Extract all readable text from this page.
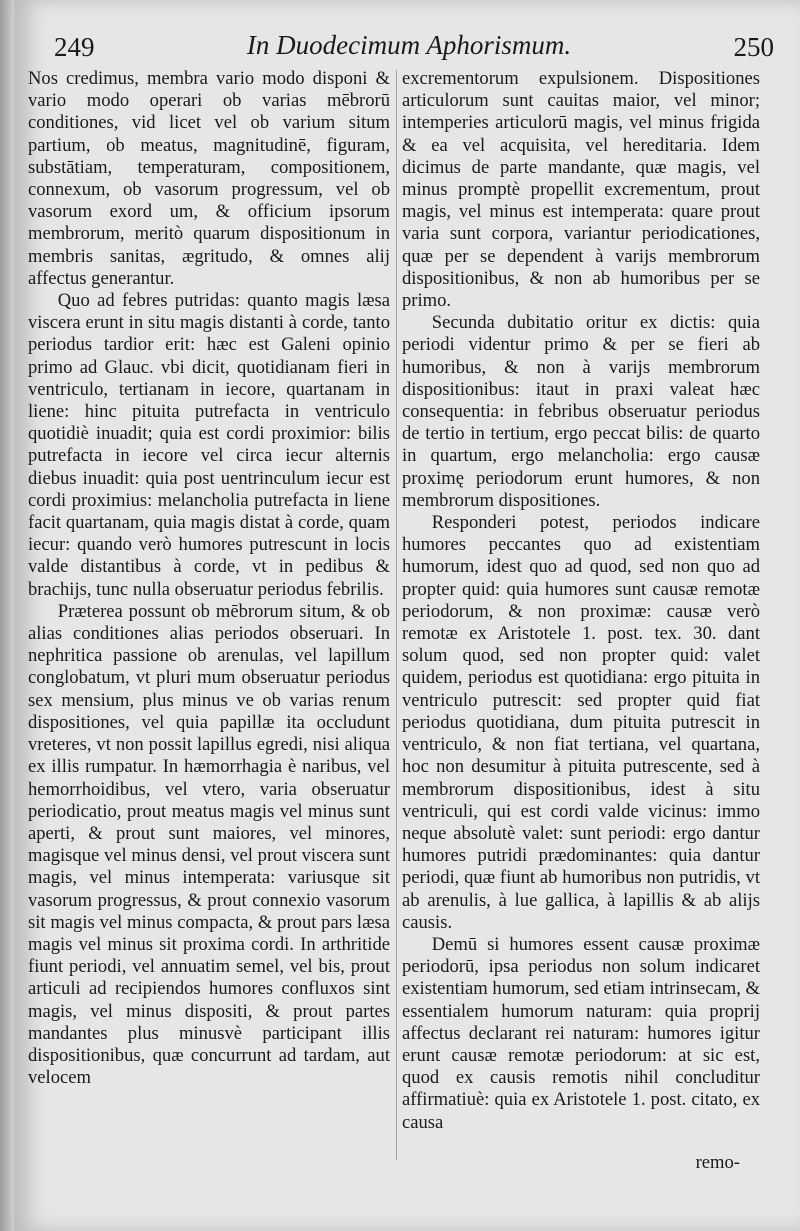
249	In Duodecimum Aphorismum.	250

Nos credimus, membra vario modo disponi & vario modo operari ob varias mēbrorū conditiones, vid licet vel ob varium situm partium, ob meatus, magnitudinē, figuram, substātiam, temperaturam, compositionem, connexum, ob vasorum progressum, vel ob vasorum exord um, & officium ipsorum membrorum, meritò quarum dispositionum in membris sanitas, ægritudo, & omnes alij affectus generantur.

Quo ad febres putridas: quanto magis læsa viscera erunt in situ magis distanti à corde, tanto periodus tardior erit: hæc est Galeni opinio primo ad Glauc. vbi dicit, quotidianam fieri in ventriculo, tertianam in iecore, quartanam in liene: hinc pituita putrefacta in ventriculo quotidiè inuadit; quia est cordi proximior: bilis putrefacta in iecore vel circa iecur alternis diebus inuadit: quia post uentrinculum iecur est cordi proximius: melancholia putrefacta in liene facit quartanam, quia magis distat à corde, quam iecur: quando verò humores putrescunt in locis valde distantibus à corde, vt in pedibus & brachijs, tunc nulla obseruatur periodus febrilis.

Præterea possunt ob mēbrorum situm, & ob alias conditiones alias periodos obseruari. In nephritica passione ob arenulas, vel lapillum conglobatum, vt pluri mum obseruatur periodus sex mensium, plus minus ve ob varias renum dispositiones, vel quia papillæ ita occludunt vreteres, vt non possit lapillus egredi, nisi aliqua ex illis rumpatur. In hæmorrhagia è naribus, vel hemorrhoidibus, vel vtero, varia obseruatur periodicatio, prout meatus magis vel minus sunt aperti, & prout sunt maiores, vel minores, magisque vel minus densi, vel prout viscera sunt magis, vel minus intemperata: variusque sit vasorum progressus, & prout connexio vasorum sit magis vel minus compacta, & prout pars læsa magis vel minus sit proxima cordi. In arthritide fiunt periodi, vel annuatim semel, vel bis, prout articuli ad recipiendos humores confluxos sint magis, vel minus dispositi, & prout partes mandantes plus minusvè participant illis dispositionibus, quæ concurrunt ad tardam, aut velocem

excrementorum expulsionem. Dispositiones articulorum sunt cauitas maior, vel minor; intemperies articulorū magis, vel minus frigida & ea vel acquisita, vel hereditaria. Idem dicimus de parte mandante, quæ magis, vel minus promptè propellit excrementum, prout magis, vel minus est intemperata: quare prout varia sunt corpora, variantur periodicationes, quæ per se dependent à varijs membrorum dispositionibus, & non ab humoribus per se primo.

Secunda dubitatio oritur ex dictis: quia periodi videntur primo & per se fieri ab humoribus, & non à varijs membrorum dispositionibus: itaut in praxi valeat hæc consequentia: in febribus obseruatur periodus de tertio in tertium, ergo peccat bilis: de quarto in quartum, ergo melancholia: ergo causæ proximę periodorum erunt humores, & non membrorum dispositiones.

Responderi potest, periodos indicare humores peccantes quo ad existentiam humorum, idest quo ad quod, sed non quo ad propter quid: quia humores sunt causæ remotæ periodorum, & non proximæ: causæ verò remotæ ex Aristotele 1. post. tex. 30. dant solum quod, sed non propter quid: valet quidem, periodus est quotidiana: ergo pituita in ventriculo putrescit: sed propter quid fiat periodus quotidiana, dum pituita putrescit in ventriculo, & non fiat tertiana, vel quartana, hoc non desumitur à pituita putrescente, sed à membrorum dispositionibus, idest à situ ventriculi, qui est cordi valde vicinus: immo neque absolutè valet: sunt periodi: ergo dantur humores putridi prædominantes: quia dantur periodi, quæ fiunt ab humoribus non putridis, vt ab arenulis, à lue gallica, à lapillis & ab alijs causis.

Demū si humores essent causæ proximæ periodorū, ipsa periodus non solum indicaret existentiam humorum, sed etiam intrinsecam, & essentialem humorum naturam: quia proprij affectus declarant rei naturam: humores igitur erunt causæ remotæ periodorum: at sic est, quod ex causis remotis nihil concluditur affirmatiuè: quia ex Aristotele 1. post. citato, ex causa

remo-
